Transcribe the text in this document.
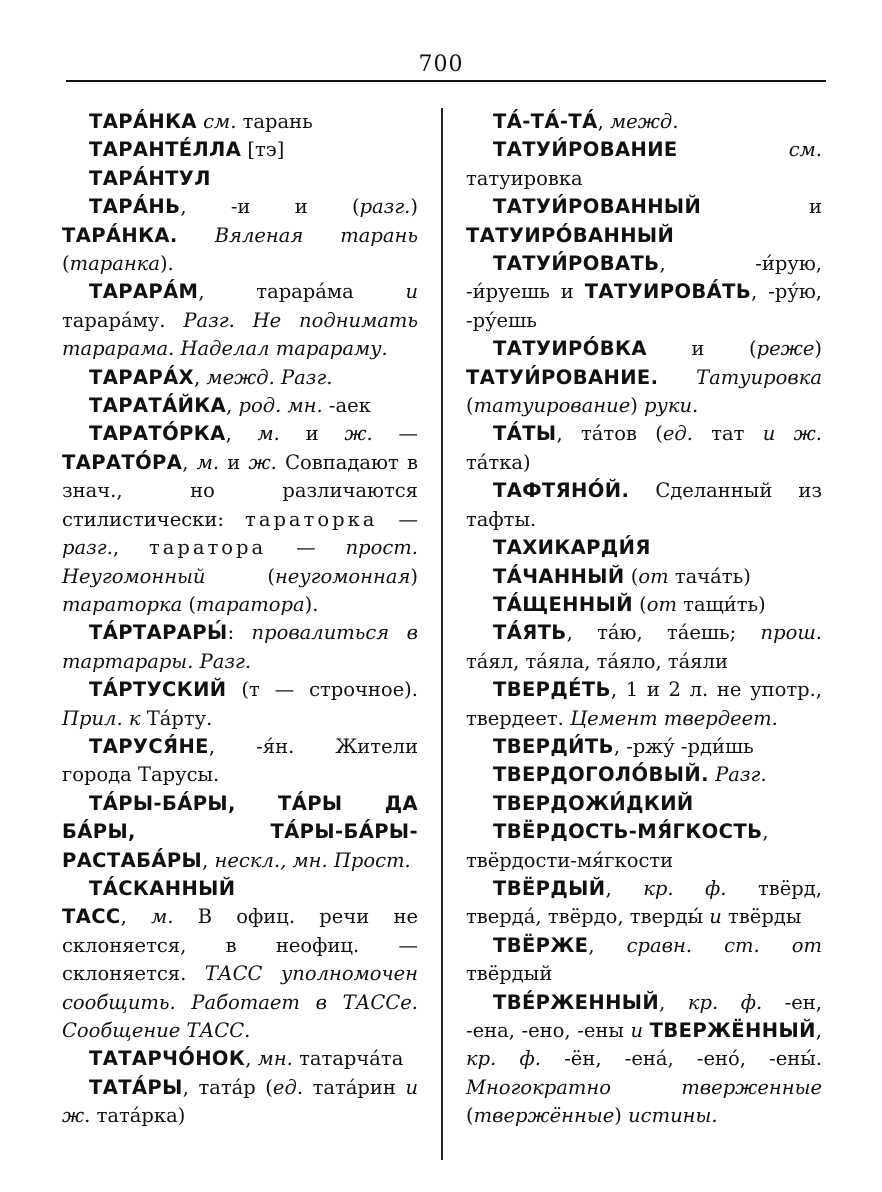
700

ТАРА́НКА см. тарань

ТАРАНТЕ́ЛЛА [тэ]

ТАРА́НТУЛ

ТАРА́НЬ, -и и (разг.) ТАРА́НКА. Вяленая тарань (таранка).

ТАРАРА́М, тарара́ма и тарара́му. Разг. Не поднимать тарарама. Наделал тарараму.

ТАРАРА́Х, межд. Разг.

ТАРАТА́ЙКА, род. мн. -аек

ТАРАТО́РКА, м. и ж. — ТАРАТО́РА, м. и ж. Совпадают в знач., но различаются стилистически: тараторка — разг., таратора — прост. Неугомонный (неугомонная) тараторка (таратора).

ТА́РТАРАРЫ́: провалиться в тартарары. Разг.

ТА́РТУСКИЙ (т — строчное). Прил. к Та́рту.

ТАРУСЯ́НЕ, -я́н. Жители города Тарусы.

ТА́РЫ-БА́РЫ, ТА́РЫ ДА БА́РЫ, ТА́РЫ-БА́РЫ-РАСТАБА́РЫ, нескл., мн. Прост.

ТА́СКАННЫЙ

ТАСС, м. В офиц. речи не склоняется, в неофиц. — склоняется. ТАСС уполномочен сообщить. Работает в ТАССе. Сообщение ТАСС.

ТАТАРЧО́НОК, мн. татарча́та

ТАТА́РЫ, тата́р (ед. тата́рин и ж. тата́рка)

ТА́-ТА́-ТА́, межд.

ТАТУИ́РОВАНИЕ см. татуировка

ТАТУИ́РОВАННЫЙ и ТАТУИРО́ВАННЫЙ

ТАТУИ́РОВАТЬ, -и́рую, -и́руешь и ТАТУИРОВА́ТЬ, -ру́ю, -ру́ешь

ТАТУИРО́ВКА и (реже) ТАТУИ́РОВАНИЕ. Татуировка (татуирование) руки.

ТА́ТЫ, та́тов (ед. тат и ж. та́тка)

ТАФТЯНО́Й. Сделанный из тафты.

ТАХИКАРДИ́Я

ТА́ЧАННЫЙ (от тача́ть)

ТА́ЩЕННЫЙ (от тащи́ть)

ТА́ЯТЬ, та́ю, та́ешь; прош. та́ял, та́яла, та́яло, та́яли

ТВЕРДЕ́ТЬ, 1 и 2 л. не употр., твердеет. Цемент твердеет.

ТВЕРДИ́ТЬ, -ржу́ -рди́шь

ТВЕРДОГОЛО́ВЫЙ. Разг.

ТВЕРДОЖИ́ДКИЙ

ТВЁРДОСТЬ-МЯ́ГКОСТЬ, твёрдости-мя́гкости

ТВЁРДЫЙ, кр. ф. твёрд, тверда́, твёрдо, тверды́ и твёрды

ТВЁРЖЕ, сравн. ст. от твёрдый

ТВЕ́РЖЕННЫЙ, кр. ф. -ен, -ена, -ено, -ены и ТВЕРЖЁННЫЙ, кр. ф. -ён, -ена́, -ено́, -ены́. Многократно тверженные (твержённые) истины.
